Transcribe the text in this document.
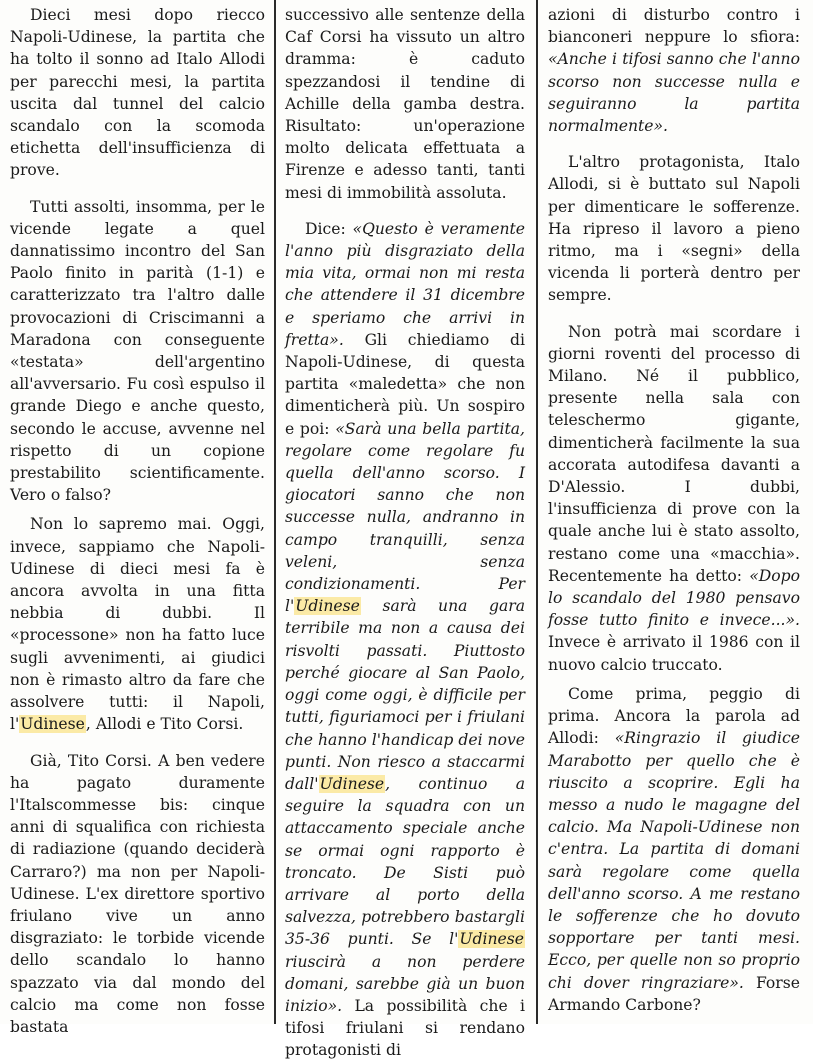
Dieci mesi dopo riecco Napoli-Udinese, la partita che ha tolto il sonno ad Italo Allodi per parecchi mesi, la partita uscita dal tunnel del calcio scandalo con la scomoda etichetta dell'insufficienza di prove.

Tutti assolti, insomma, per le vicende legate a quel dannatissimo incontro del San Paolo finito in parità (1-1) e caratterizzato tra l'altro dalle provocazioni di Criscimanni a Maradona con conseguente «testata» dell'argentino all'avversario. Fu così espulso il grande Diego e anche questo, secondo le accuse, avvenne nel rispetto di un copione prestabilito scientificamente. Vero o falso?

Non lo sapremo mai. Oggi, invece, sappiamo che Napoli-Udinese di dieci mesi fa è ancora avvolta in una fitta nebbia di dubbi. Il «processone» non ha fatto luce sugli avvenimenti, ai giudici non è rimasto altro da fare che assolvere tutti: il Napoli, l'Udinese, Allodi e Tito Corsi.

Già, Tito Corsi. A ben vedere ha pagato duramente l'Italscommesse bis: cinque anni di squalifica con richiesta di radiazione (quando deciderà Carraro?) ma non per Napoli-Udinese. L'ex direttore sportivo friulano vive un anno disgraziato: le torbide vicende dello scandalo lo hanno spazzato via dal mondo del calcio ma come non fosse bastata

successivo alle sentenze della Caf Corsi ha vissuto un altro dramma: è caduto spezzandosi il tendine di Achille della gamba destra. Risultato: un'operazione molto delicata effettuata a Firenze e adesso tanti, tanti mesi di immobilità assoluta.

Dice: «Questo è veramente l'anno più disgraziato della mia vita, ormai non mi resta che attendere il 31 dicembre e speriamo che arrivi in fretta». Gli chiediamo di Napoli-Udinese, di questa partita «maledetta» che non dimenticherà più. Un sospiro e poi: «Sarà una bella partita, regolare come regolare fu quella dell'anno scorso. I giocatori sanno che non successe nulla, andranno in campo tranquilli, senza veleni, senza condizionamenti. Per l'Udinese sarà una gara terribile ma non a causa dei risvolti passati. Piuttosto perché giocare al San Paolo, oggi come oggi, è difficile per tutti, figuriamoci per i friulani che hanno l'handicap dei nove punti. Non riesco a staccarmi dall'Udinese, continuo a seguire la squadra con un attaccamento speciale anche se ormai ogni rapporto è troncato. De Sisti può arrivare al porto della salvezza, potrebbero bastargli 35-36 punti. Se l'Udinese riuscirà a non perdere domani, sarebbe già un buon inizio». La possibilità che i tifosi friulani si rendano protagonisti di

azioni di disturbo contro i bianconeri neppure lo sfiora: «Anche i tifosi sanno che l'anno scorso non successe nulla e seguiranno la partita normalmente».

L'altro protagonista, Italo Allodi, si è buttato sul Napoli per dimenticare le sofferenze. Ha ripreso il lavoro a pieno ritmo, ma i «segni» della vicenda li porterà dentro per sempre.

Non potrà mai scordare i giorni roventi del processo di Milano. Né il pubblico, presente nella sala con teleschermo gigante, dimenticherà facilmente la sua accorata autodifesa davanti a D'Alessio. I dubbi, l'insufficienza di prove con la quale anche lui è stato assolto, restano come una «macchia». Recentemente ha detto: «Dopo lo scandalo del 1980 pensavo fosse tutto finito e invece...». Invece è arrivato il 1986 con il nuovo calcio truccato.

Come prima, peggio di prima. Ancora la parola ad Allodi: «Ringrazio il giudice Marabotto per quello che è riuscito a scoprire. Egli ha messo a nudo le magagne del calcio. Ma Napoli-Udinese non c'entra. La partita di domani sarà regolare come quella dell'anno scorso. A me restano le sofferenze che ho dovuto sopportare per tanti mesi. Ecco, per quelle non so proprio chi dover ringraziare». Forse Armando Carbone?
